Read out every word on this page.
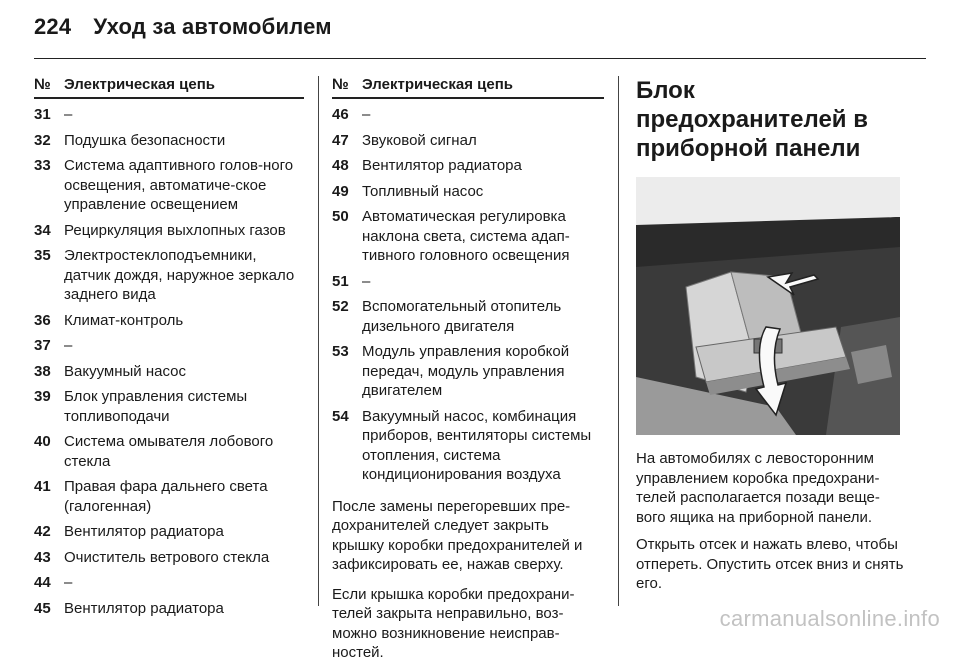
224 Уход за автомобилем
№ Электрическая цепь
31 –
32 Подушка безопасности
33 Система адаптивного голов-ного освещения, автоматиче-ское управление освещением
34 Рециркуляция выхлопных газов
35 Электростеклоподъемники, датчик дождя, наружное зеркало заднего вида
36 Климат-контроль
37 –
38 Вакуумный насос
39 Блок управления системы топливоподачи
40 Система омывателя лобового стекла
41 Правая фара дальнего света (галогенная)
42 Вентилятор радиатора
43 Очиститель ветрового стекла
44 –
45 Вентилятор радиатора
№ Электрическая цепь
46 –
47 Звуковой сигнал
48 Вентилятор радиатора
49 Топливный насос
50 Автоматическая регулировка наклона света, система адап-тивного головного освещения
51 –
52 Вспомогательный отопитель дизельного двигателя
53 Модуль управления коробкой передач, модуль управления двигателем
54 Вакуумный насос, комбинация приборов, вентиляторы системы отопления, система кондиционирования воздуха

После замены перегоревших пре-дохранителей следует закрыть крышку коробки предохранителей и зафиксировать ее, нажав сверху.

Если крышка коробки предохрани-телей закрыта неправильно, воз-можно возникновение неисправ-ностей.

Блок предохранителей в приборной панели

На автомобилях с левосторонним управлением коробка предохрани-телей располагается позади веще-вого ящика на приборной панели.

Открыть отсек и нажать влево, чтобы отпереть. Опустить отсек вниз и снять его.

carmanualsonline.info
